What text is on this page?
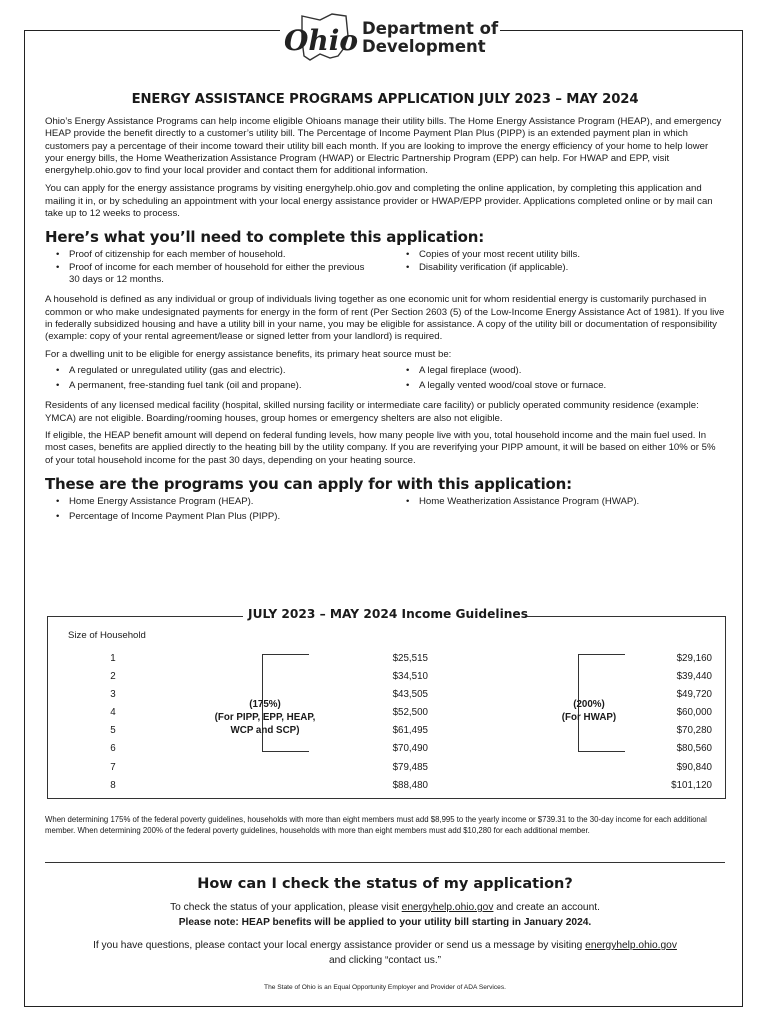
Ohio Department of
Development
ENERGY ASSISTANCE PROGRAMS APPLICATION JULY 2023 – MAY 2024

Ohio’s Energy Assistance Programs can help income eligible Ohioans manage their utility bills. The Home Energy Assistance Program (HEAP), and emergency HEAP provide the benefit directly to a customer’s utility bill. The Percentage of Income Payment Plan Plus (PIPP) is an extended payment plan in which customers pay a percentage of their income toward their utility bill each month. If you are looking to improve the energy efficiency of your home to help lower your energy bills, the Home Weatherization Assistance Program (HWAP) or Electric Partnership Program (EPP) can help. For HWAP and EPP, visit energyhelp.ohio.gov to find your local provider and contact them for additional information.

You can apply for the energy assistance programs by visiting energyhelp.ohio.gov and completing the online application, by completing this application and mailing it in, or by scheduling an appointment with your local energy assistance provider or HWAP/EPP provider. Applications completed online or by mail can take up to 12 weeks to process.

Here’s what you’ll need to complete this application:
• Proof of citizenship for each member of household.
• Proof of income for each member of household for either the previous 30 days or 12 months.
• Copies of your most recent utility bills.
• Disability verification (if applicable).

A household is defined as any individual or group of individuals living together as one economic unit for whom residential energy is customarily purchased in common or who make undesignated payments for energy in the form of rent (Per Section 2603 (5) of the Low-Income Energy Assistance Act of 1981). If you live in federally subsidized housing and have a utility bill in your name, you may be eligible for assistance. A copy of the utility bill or documentation of responsibility (example: copy of your rental agreement/lease or signed letter from your landlord) is required.

For a dwelling unit to be eligible for energy assistance benefits, its primary heat source must be:

• A regulated or unregulated utility (gas and electric).
• A permanent, free-standing fuel tank (oil and propane).
• A legal fireplace (wood).
• A legally vented wood/coal stove or furnace.

Residents of any licensed medical facility (hospital, skilled nursing facility or intermediate care facility) or publicly operated community residence (example: YMCA) are not eligible. Boarding/rooming houses, group homes or emergency shelters are also not eligible.

If eligible, the HEAP benefit amount will depend on federal funding levels, how many people live with you, total household income and the main fuel used. In most cases, benefits are applied directly to the heating bill by the utility company. If you are reverifying your PIPP amount, it will be based on either 10% or 5% of your total household income for the past 30 days, depending on your heating source.

These are the programs you can apply for with this application:
• Home Energy Assistance Program (HEAP).
• Percentage of Income Payment Plan Plus (PIPP).
• Home Weatherization Assistance Program (HWAP).
JULY 2023 – MAY 2024 Income Guidelines
Size of Household
1
2
3
4
5
6
7
8
(175%)
(For PIPP, EPP, HEAP,
WCP and SCP)
$25,515
$34,510
$43,505
$52,500
$61,495
$70,490
$79,485
$88,480
(200%)
(For HWAP)
$29,160
$39,440
$49,720
$60,000
$70,280
$80,560
$90,840
$101,120
When determining 175% of the federal poverty guidelines, households with more than eight members must add $8,995 to the yearly income or $739.31 to the 30-day income for each additional member. When determining 200% of the federal poverty guidelines, households with more than eight members must add $10,280 for each additional member.
How can I check the status of my application?
To check the status of your application, please visit energyhelp.ohio.gov and create an account.
Please note: HEAP benefits will be applied to your utility bill starting in January 2024.
If you have questions, please contact your local energy assistance provider or send us a message by visiting energyhelp.ohio.gov
and clicking “contact us.”
The State of Ohio is an Equal Opportunity Employer and Provider of ADA Services.
